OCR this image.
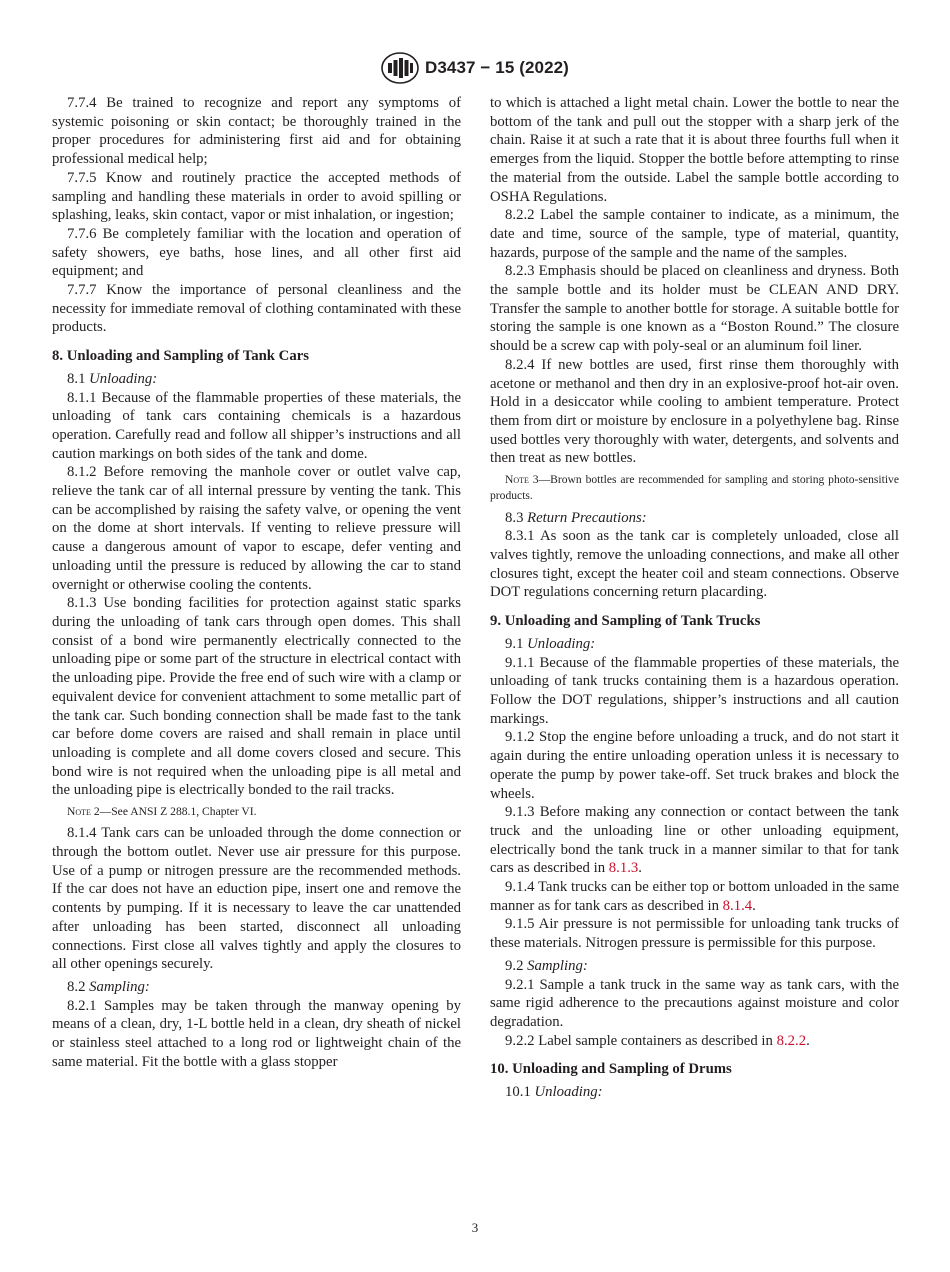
D3437 − 15 (2022)

7.7.4 Be trained to recognize and report any symptoms of systemic poisoning or skin contact; be thoroughly trained in the proper procedures for administering first aid and for obtaining professional medical help;

7.7.5 Know and routinely practice the accepted methods of sampling and handling these materials in order to avoid spilling or splashing, leaks, skin contact, vapor or mist inhalation, or ingestion;

7.7.6 Be completely familiar with the location and operation of safety showers, eye baths, hose lines, and all other first aid equipment; and

7.7.7 Know the importance of personal cleanliness and the necessity for immediate removal of clothing contaminated with these products.

8. Unloading and Sampling of Tank Cars

8.1 Unloading:

8.1.1 Because of the flammable properties of these materials, the unloading of tank cars containing chemicals is a hazardous operation. Carefully read and follow all shipper’s instructions and all caution markings on both sides of the tank and dome.

8.1.2 Before removing the manhole cover or outlet valve cap, relieve the tank car of all internal pressure by venting the tank. This can be accomplished by raising the safety valve, or opening the vent on the dome at short intervals. If venting to relieve pressure will cause a dangerous amount of vapor to escape, defer venting and unloading until the pressure is reduced by allowing the car to stand overnight or otherwise cooling the contents.

8.1.3 Use bonding facilities for protection against static sparks during the unloading of tank cars through open domes. This shall consist of a bond wire permanently electrically connected to the unloading pipe or some part of the structure in electrical contact with the unloading pipe. Provide the free end of such wire with a clamp or equivalent device for convenient attachment to some metallic part of the tank car. Such bonding connection shall be made fast to the tank car before dome covers are raised and shall remain in place until unloading is complete and all dome covers closed and secure. This bond wire is not required when the unloading pipe is all metal and the unloading pipe is electrically bonded to the rail tracks.

Note 2—See ANSI Z 288.1, Chapter VI.

8.1.4 Tank cars can be unloaded through the dome connection or through the bottom outlet. Never use air pressure for this purpose. Use of a pump or nitrogen pressure are the recommended methods. If the car does not have an eduction pipe, insert one and remove the contents by pumping. If it is necessary to leave the car unattended after unloading has been started, disconnect all unloading connections. First close all valves tightly and apply the closures to all other openings securely.

8.2 Sampling:

8.2.1 Samples may be taken through the manway opening by means of a clean, dry, 1-L bottle held in a clean, dry sheath of nickel or stainless steel attached to a long rod or lightweight chain of the same material. Fit the bottle with a glass stopper

to which is attached a light metal chain. Lower the bottle to near the bottom of the tank and pull out the stopper with a sharp jerk of the chain. Raise it at such a rate that it is about three fourths full when it emerges from the liquid. Stopper the bottle before attempting to rinse the material from the outside. Label the sample bottle according to OSHA Regulations.

8.2.2 Label the sample container to indicate, as a minimum, the date and time, source of the sample, type of material, quantity, hazards, purpose of the sample and the name of the samples.

8.2.3 Emphasis should be placed on cleanliness and dryness. Both the sample bottle and its holder must be CLEAN AND DRY. Transfer the sample to another bottle for storage. A suitable bottle for storing the sample is one known as a “Boston Round.” The closure should be a screw cap with poly-seal or an aluminum foil liner.

8.2.4 If new bottles are used, first rinse them thoroughly with acetone or methanol and then dry in an explosive-proof hot-air oven. Hold in a desiccator while cooling to ambient temperature. Protect them from dirt or moisture by enclosure in a polyethylene bag. Rinse used bottles very thoroughly with water, detergents, and solvents and then treat as new bottles.

Note 3—Brown bottles are recommended for sampling and storing photo-sensitive products.

8.3 Return Precautions:

8.3.1 As soon as the tank car is completely unloaded, close all valves tightly, remove the unloading connections, and make all other closures tight, except the heater coil and steam connections. Observe DOT regulations concerning return placarding.

9. Unloading and Sampling of Tank Trucks

9.1 Unloading:

9.1.1 Because of the flammable properties of these materials, the unloading of tank trucks containing them is a hazardous operation. Follow the DOT regulations, shipper’s instructions and all caution markings.

9.1.2 Stop the engine before unloading a truck, and do not start it again during the entire unloading operation unless it is necessary to operate the pump by power take-off. Set truck brakes and block the wheels.

9.1.3 Before making any connection or contact between the tank truck and the unloading line or other unloading equipment, electrically bond the tank truck in a manner similar to that for tank cars as described in 8.1.3.

9.1.4 Tank trucks can be either top or bottom unloaded in the same manner as for tank cars as described in 8.1.4.

9.1.5 Air pressure is not permissible for unloading tank trucks of these materials. Nitrogen pressure is permissible for this purpose.

9.2 Sampling:

9.2.1 Sample a tank truck in the same way as tank cars, with the same rigid adherence to the precautions against moisture and color degradation.

9.2.2 Label sample containers as described in 8.2.2.

10. Unloading and Sampling of Drums

10.1 Unloading:

3
